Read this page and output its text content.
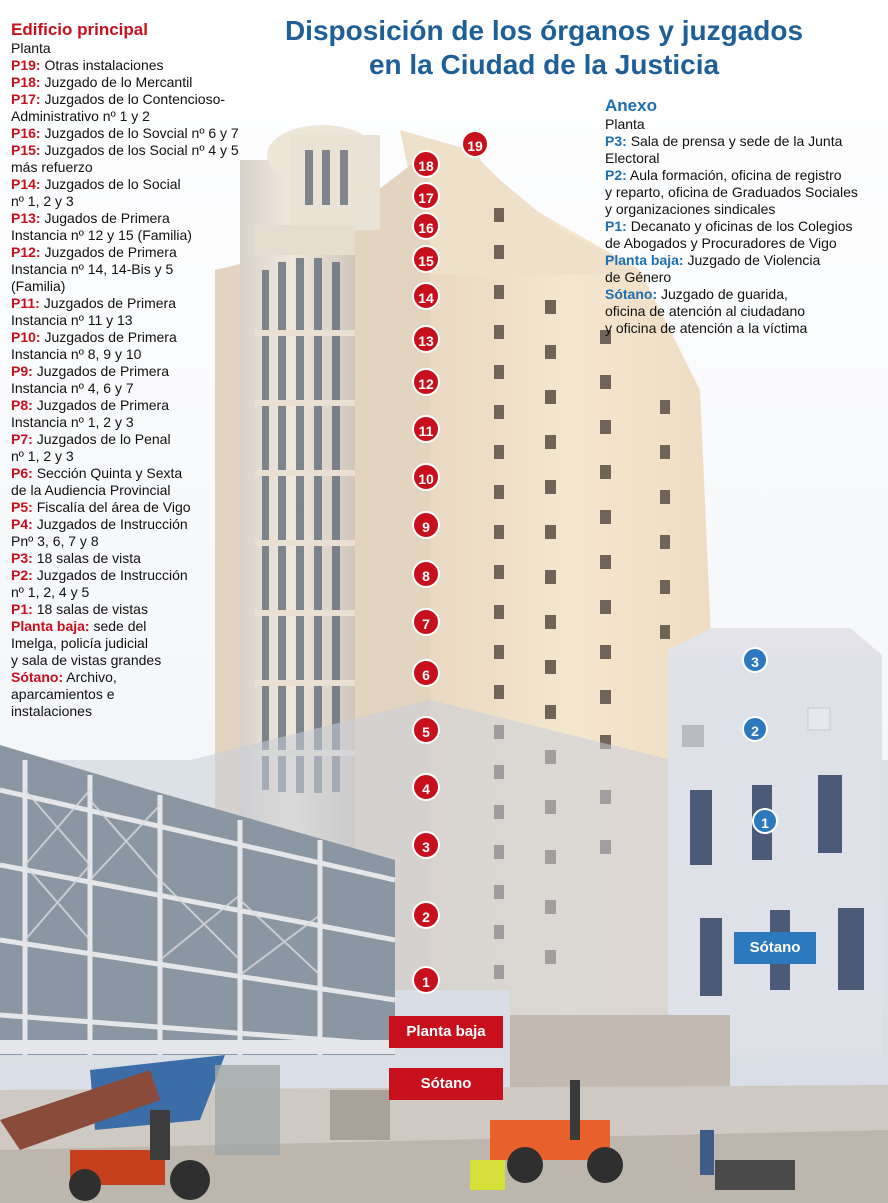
Disposición de los órganos y juzgados
en la Ciudad de la Justicia
Edificio principal
Planta
P19: Otras instalaciones
P18: Juzgado de lo Mercantil
P17: Juzgados de lo Contencioso-
Administrativo nº 1 y 2
P16: Juzgados de lo Sovcial nº 6 y 7
P15: Juzgados de los Social nº 4 y 5
más refuerzo
P14: Juzgados de lo Social
nº 1, 2 y 3
P13: Jugados de Primera
Instancia nº 12 y 15 (Familia)
P12: Juzgados de Primera
Instancia nº 14, 14-Bis y 5
(Familia)
P11: Juzgados de Primera
Instancia nº 11 y 13
P10: Juzgados de Primera
Instancia nº 8, 9 y 10
P9: Juzgados de Primera
Instancia nº 4, 6 y 7
P8: Juzgados de Primera
Instancia nº 1, 2 y 3
P7: Juzgados de lo Penal
nº 1, 2 y 3
P6: Sección Quinta y Sexta
de la Audiencia Provincial
P5: Fiscalía del área de Vigo
P4: Juzgados de Instrucción
Pnº 3, 6, 7 y 8
P3: 18 salas de vista
P2: Juzgados de Instrucción
nº 1, 2, 4 y 5
P1: 18 salas de vistas
Planta baja: sede del
Imelga, policía judicial
y sala de vistas grandes
Sótano: Archivo,
aparcamientos e
instalaciones
Anexo
Planta
P3: Sala de prensa y sede de la Junta
Electoral
P2: Aula formación, oficina de registro
y reparto, oficina de Graduados Sociales
y organizaciones sindicales
P1: Decanato y oficinas de los Colegios
de Abogados y Procuradores de Vigo
Planta baja: Juzgado de Violencia
de Género
Sótano: Juzgado de guarida,
oficina de atención al ciudadano
y oficina de atención a la víctima
19
18
17
16
15
14
13
12
11
10
9
8
7
6
5
4
3
2
1
3
2
1
Planta baja
Sótano
Sótano
